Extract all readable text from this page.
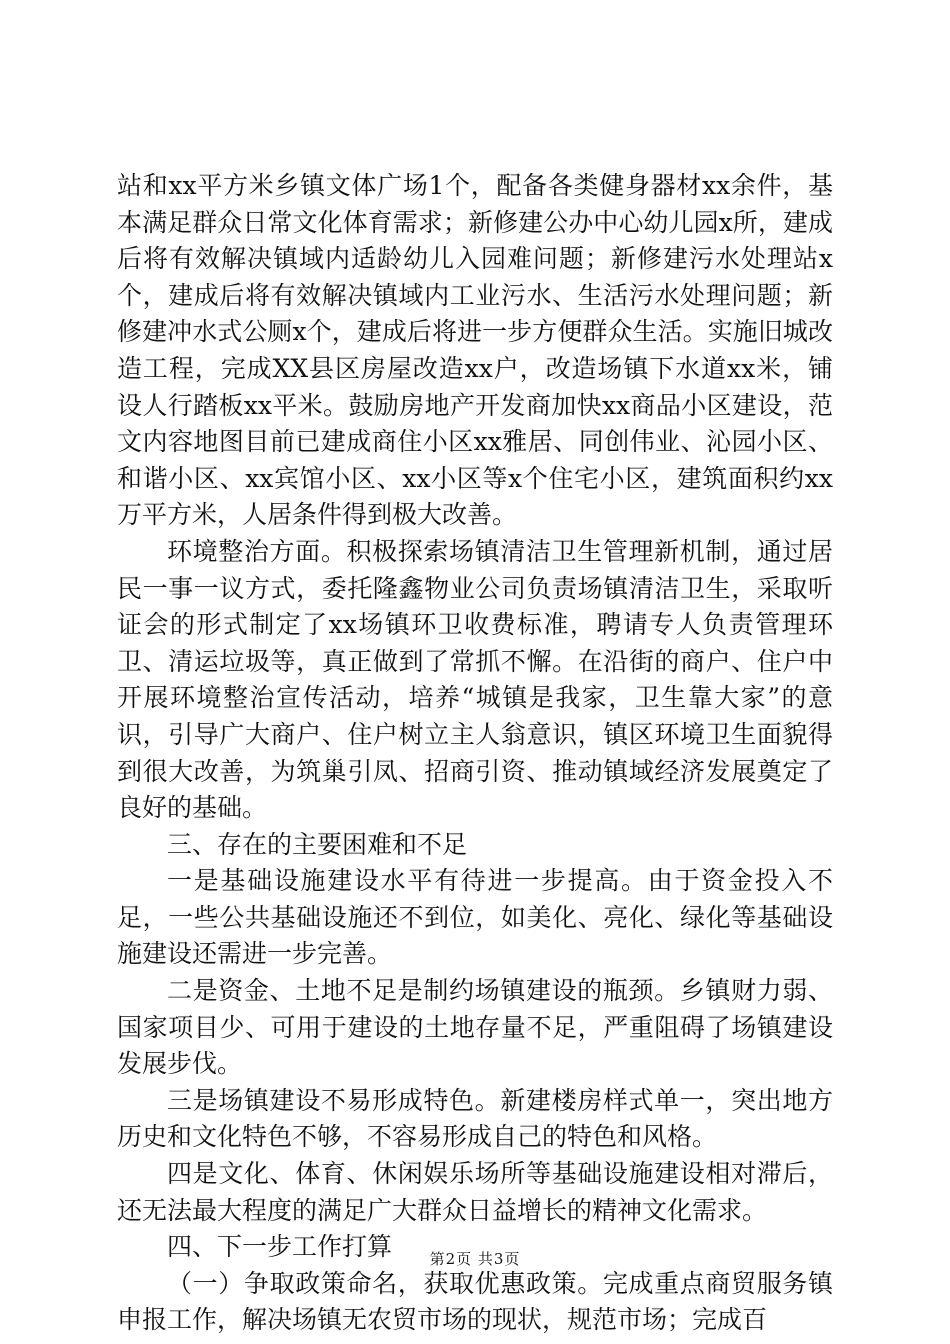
站和xx平方米乡镇文体广场1个，配备各类健身器材xx余件，基本满足群众日常文化体育需求；新修建公办中心幼儿园x所，建成后将有效解决镇域内适龄幼儿入园难问题；新修建污水处理站x个，建成后将有效解决镇域内工业污水、生活污水处理问题；新修建冲水式公厕x个，建成后将进一步方便群众生活。实施旧城改造工程，完成XX县区房屋改造xx户，改造场镇下水道xx米，铺设人行踏板xx平米。鼓励房地产开发商加快xx商品小区建设，范文内容地图目前已建成商住小区xx雅居、同创伟业、沁园小区、和谐小区、xx宾馆小区、xx小区等x个住宅小区，建筑面积约xx万平方米，人居条件得到极大改善。

环境整治方面。积极探索场镇清洁卫生管理新机制，通过居民一事一议方式，委托隆鑫物业公司负责场镇清洁卫生，采取听证会的形式制定了xx场镇环卫收费标准，聘请专人负责管理环卫、清运垃圾等，真正做到了常抓不懈。在沿街的商户、住户中开展环境整治宣传活动，培养“城镇是我家，卫生靠大家”的意识，引导广大商户、住户树立主人翁意识，镇区环境卫生面貌得到很大改善，为筑巢引凤、招商引资、推动镇域经济发展奠定了良好的基础。

三、存在的主要困难和不足

一是基础设施建设水平有待进一步提高。由于资金投入不足，一些公共基础设施还不到位，如美化、亮化、绿化等基础设施建设还需进一步完善。

二是资金、土地不足是制约场镇建设的瓶颈。乡镇财力弱、国家项目少、可用于建设的土地存量不足，严重阻碍了场镇建设发展步伐。

三是场镇建设不易形成特色。新建楼房样式单一，突出地方历史和文化特色不够，不容易形成自己的特色和风格。

四是文化、体育、休闲娱乐场所等基础设施建设相对滞后，还无法最大程度的满足广大群众日益增长的精神文化需求。

四、下一步工作打算

（一）争取政策命名，获取优惠政策。完成重点商贸服务镇申报工作，解决场镇无农贸市场的现状，规范市场；完成百

第2页 共3页
